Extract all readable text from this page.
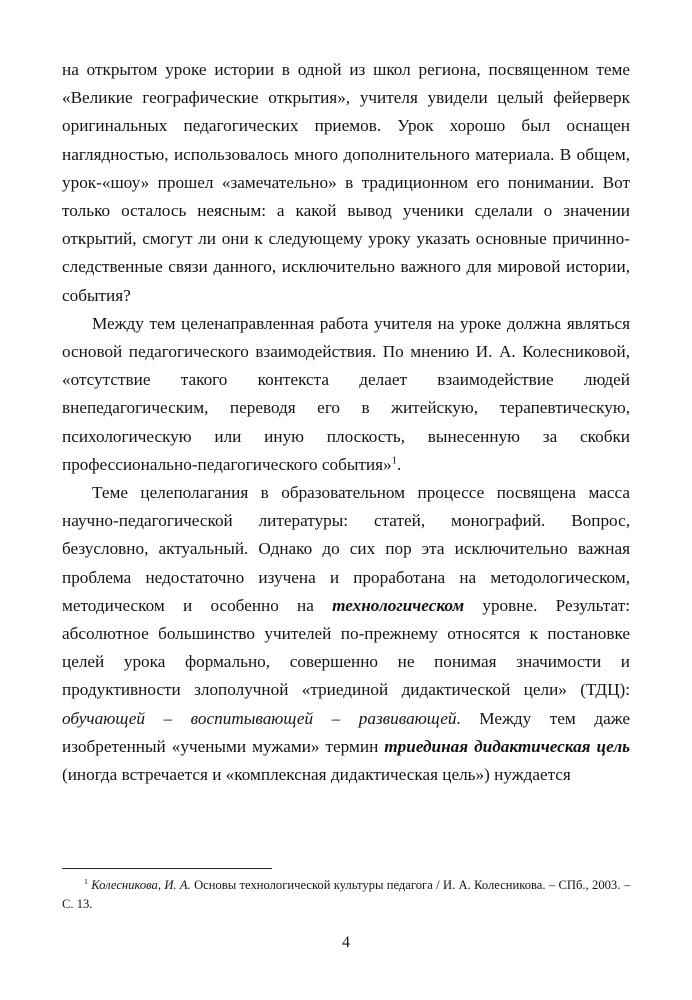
на открытом уроке истории в одной из школ региона, посвященном теме «Великие географические открытия», учителя увидели целый фейерверк оригинальных педагогических приемов. Урок хорошо был оснащен наглядностью, использовалось много дополнительного материала. В общем, урок-«шоу» прошел «замечательно» в традиционном его понимании. Вот только осталось неясным: а какой вывод ученики сделали о значении открытий, смогут ли они к следующему уроку указать основные причинно-следственные связи данного, исключительно важного для мировой истории, события?

Между тем целенаправленная работа учителя на уроке должна являться основой педагогического взаимодействия. По мнению И. А. Колесниковой, «отсутствие такого контекста делает взаимодействие людей внепедагогическим, переводя его в житейскую, терапевтическую, психологическую или иную плоскость, вынесенную за скобки профессионально-педагогического события»$^1$.

Теме целеполагания в образовательном процессе посвящена масса научно-педагогической литературы: статей, монографий. Вопрос, безусловно, актуальный. Однако до сих пор эта исключительно важная проблема недостаточно изучена и проработана на методологическом, методическом и особенно на технологическом уровне. Результат: абсолютное большинство учителей по-прежнему относятся к постановке целей урока формально, совершенно не понимая значимости и продуктивности злополучной «триединой дидактической цели» (ТДЦ): обучающей – воспитывающей – развивающей. Между тем даже изобретенный «учеными мужами» термин триединая дидактическая цель (иногда встречается и «комплексная дидактическая цель») нуждается

$^1$ Колесникова, И. А. Основы технологической культуры педагога / И. А. Колесникова. – СПб., 2003. – С. 13.
4
